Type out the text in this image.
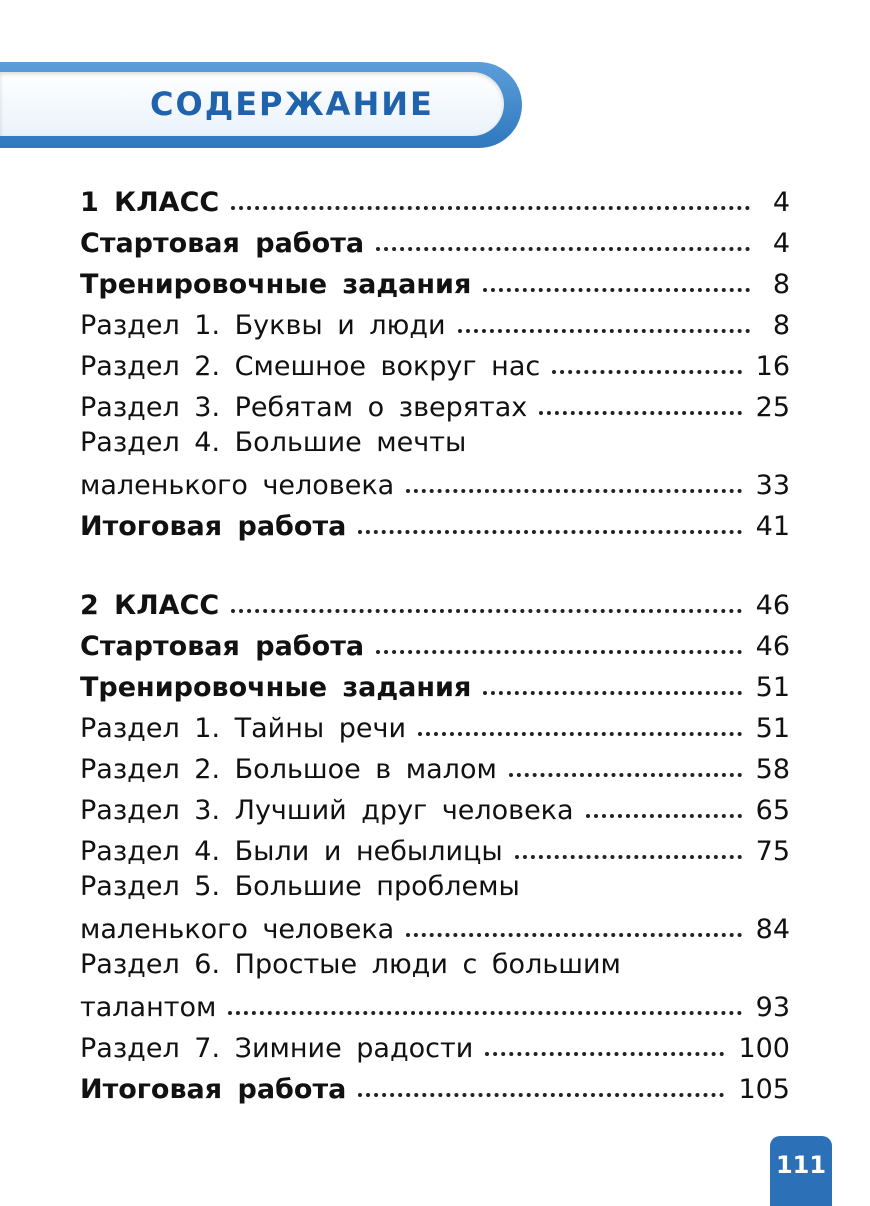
СОДЕРЖАНИЕ
1 КЛАСС	4
Стартовая работа	4
Тренировочные задания	8
Раздел 1. Буквы и люди	8
Раздел 2. Смешное вокруг нас	16
Раздел 3. Ребятам о зверятах	25
Раздел 4. Большие мечты
маленького человека	33
Итоговая работа	41
2 КЛАСС	46
Стартовая работа	46
Тренировочные задания	51
Раздел 1. Тайны речи	51
Раздел 2. Большое в малом	58
Раздел 3. Лучший друг человека	65
Раздел 4. Были и небылицы	75
Раздел 5. Большие проблемы
маленького человека	84
Раздел 6. Простые люди с большим
талантом	93
Раздел 7. Зимние радости	100
Итоговая работа	105
111
